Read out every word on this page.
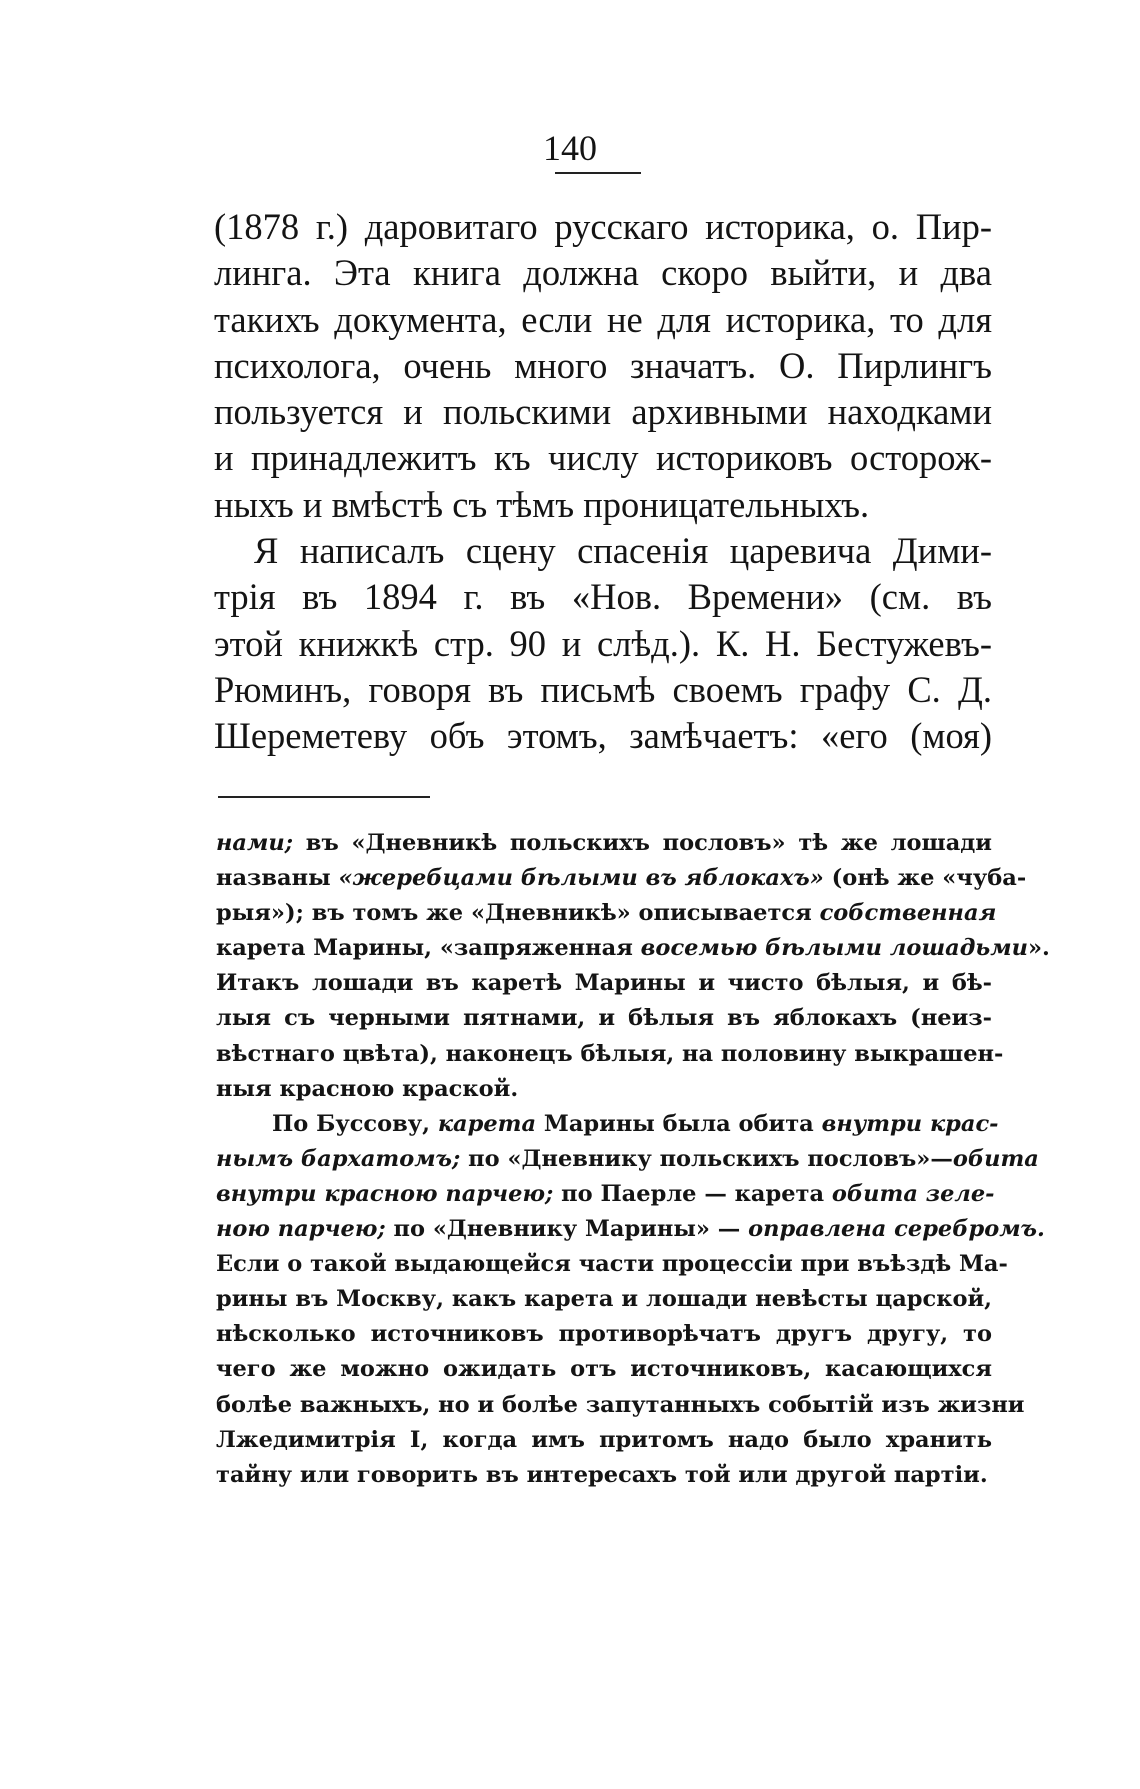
140
(1878 г.) даровитаго русскаго историка, о. Пир-
линга. Эта книга должна скоро выйти, и два
такихъ документа, если не для историка, то для
психолога, очень много значатъ. О. Пирлингъ
пользуется и польскими архивными находками
и принадлежитъ къ числу историковъ осторож-
ныхъ и вмѣстѣ съ тѣмъ проницательныхъ.
Я написалъ сцену спасенія царевича Дими-
трія въ 1894 г. въ «Нов. Времени» (см. въ
этой книжкѣ стр. 90 и слѣд.). К. Н. Бестужевъ-
Рюминъ, говоря въ письмѣ своемъ графу С. Д.
Шереметеву объ этомъ, замѣчаетъ: «его (моя)
нами; въ «Дневникѣ польскихъ пословъ» тѣ же лошади
названы «жеребцами бѣлыми въ яблокахъ» (онѣ же «чуба-
рыя»); въ томъ же «Дневникѣ» описывается собственная
карета Марины, «запряженная восемью бѣлыми лошадьми».
Итакъ лошади въ каретѣ Марины и чисто бѣлыя, и бѣ-
лыя съ черными пятнами, и бѣлыя въ яблокахъ (неиз-
вѣстнаго цвѣта), наконецъ бѣлыя, на половину выкрашен-
ныя красною краской.
По Буссову, карета Марины была обита внутри крас-
нымъ бархатомъ; по «Дневнику польскихъ пословъ»—обита
внутри красною парчею; по Паерле — карета обита зеле-
ною парчею; по «Дневнику Марины» — оправлена серебромъ.
Если о такой выдающейся части процессіи при въѣздѣ Ма-
рины въ Москву, какъ карета и лошади невѣсты царской,
нѣсколько источниковъ противорѣчатъ другъ другу, то
чего же можно ожидать отъ источниковъ, касающихся
болѣе важныхъ, но и болѣе запутанныхъ событій изъ жизни
Лжедимитрія I, когда имъ притомъ надо было хранить
тайну или говорить въ интересахъ той или другой партіи.
